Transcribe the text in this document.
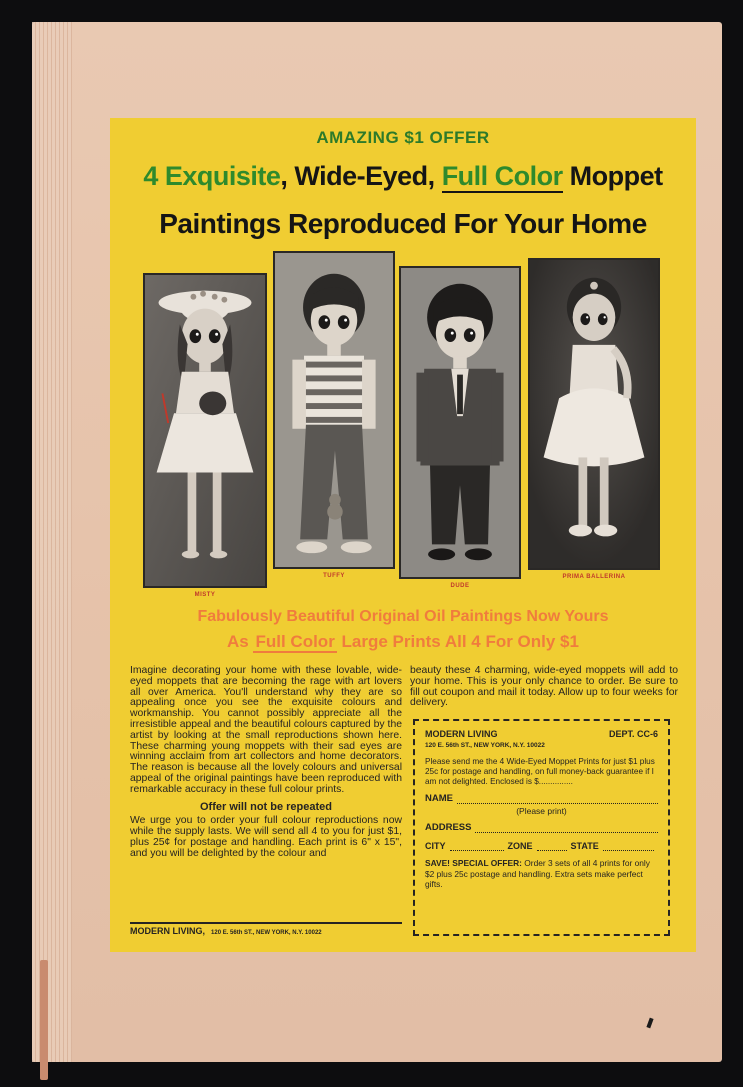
AMAZING $1 OFFER
4 Exquisite, Wide-Eyed, Full Color Moppet
Paintings Reproduced For Your Home
MISTY
TUFFY
DUDE
PRIMA BALLERINA
Fabulously Beautiful Original Oil Paintings Now Yours
As Full Color Large Prints All 4 For Only $1

Imagine decorating your home with these lovable, wide-eyed moppets that are becoming the rage with art lovers all over America. You'll understand why they are so appealing once you see the exquisite colours and workmanship. You cannot possibly appreciate all the irresistible appeal and the beautiful colours captured by the artist by looking at the small reproductions shown here. These charming young moppets with their sad eyes are winning acclaim from art collectors and home decorators. The reason is because all the lovely colours and universal appeal of the original paintings have been reproduced with remarkable accuracy in these full colour prints.

Offer will not be repeated

We urge you to order your full colour reproductions now while the supply lasts. We will send all 4 to you for just $1, plus 25¢ for postage and handling. Each print is 6" x 15", and you will be delighted by the colour and

beauty these 4 charming, wide-eyed moppets will add to your home. This is your only chance to order. Be sure to fill out coupon and mail it today. Allow up to four weeks for delivery.

MODERN LIVING, 120 E. 56th ST., NEW YORK, N.Y. 10022
MODERN LIVING	DEPT. CC-6
120 E. 56th ST., NEW YORK, N.Y. 10022
Please send me the 4 Wide-Eyed Moppet Prints for just $1 plus 25c for postage and handling, on full money-back guarantee if I am not delighted. Enclosed is $...............
NAME
(Please print)
ADDRESS
CITY	ZONE	STATE
SAVE! SPECIAL OFFER: Order 3 sets of all 4 prints for only $2 plus 25c postage and handling. Extra sets make perfect gifts.
